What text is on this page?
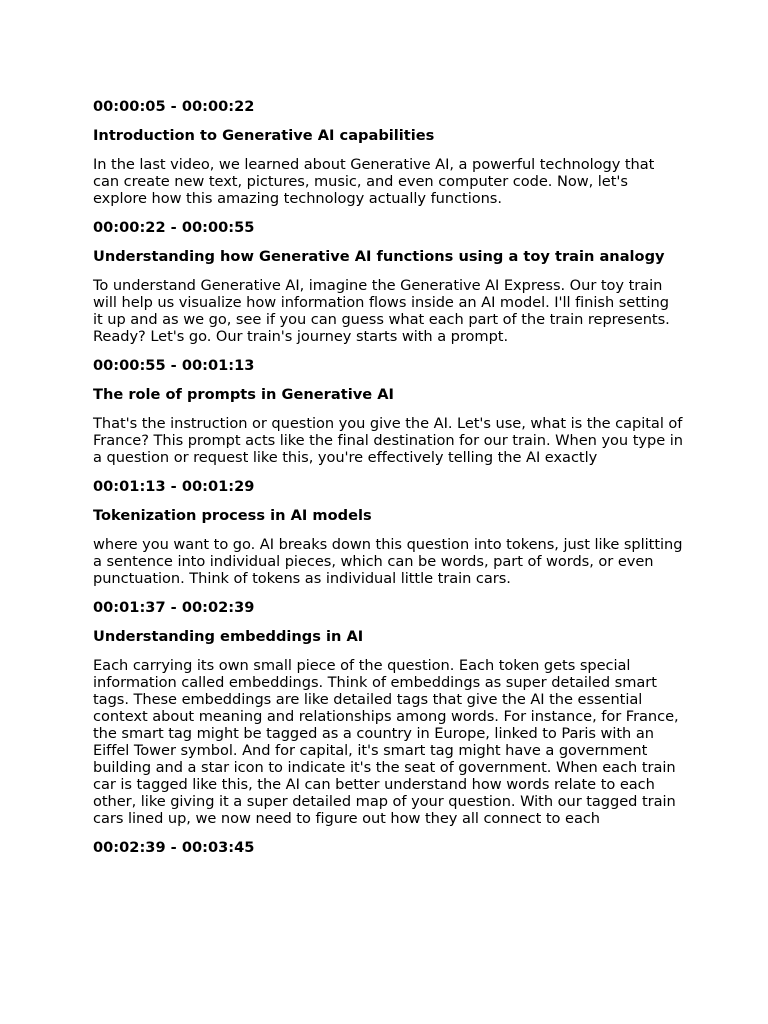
00:00:05 - 00:00:22
Introduction to Generative AI capabilities
In the last video, we learned about Generative AI, a powerful technology that can create new text, pictures, music, and even computer code. Now, let's explore how this amazing technology actually functions.
00:00:22 - 00:00:55
Understanding how Generative AI functions using a toy train analogy
To understand Generative AI, imagine the Generative AI Express. Our toy train will help us visualize how information flows inside an AI model. I'll finish setting it up and as we go, see if you can guess what each part of the train represents. Ready? Let's go. Our train's journey starts with a prompt.
00:00:55 - 00:01:13
The role of prompts in Generative AI
That's the instruction or question you give the AI. Let's use, what is the capital of France? This prompt acts like the final destination for our train. When you type in a question or request like this, you're effectively telling the AI exactly
00:01:13 - 00:01:29
Tokenization process in AI models
where you want to go. AI breaks down this question into tokens, just like splitting a sentence into individual pieces, which can be words, part of words, or even punctuation. Think of tokens as individual little train cars.
00:01:37 - 00:02:39
Understanding embeddings in AI
Each carrying its own small piece of the question. Each token gets special information called embeddings. Think of embeddings as super detailed smart tags. These embeddings are like detailed tags that give the AI the essential context about meaning and relationships among words. For instance, for France, the smart tag might be tagged as a country in Europe, linked to Paris with an Eiffel Tower symbol. And for capital, it's smart tag might have a government building and a star icon to indicate it's the seat of government. When each train car is tagged like this, the AI can better understand how words relate to each other, like giving it a super detailed map of your question. With our tagged train cars lined up, we now need to figure out how they all connect to each
00:02:39 - 00:03:45
